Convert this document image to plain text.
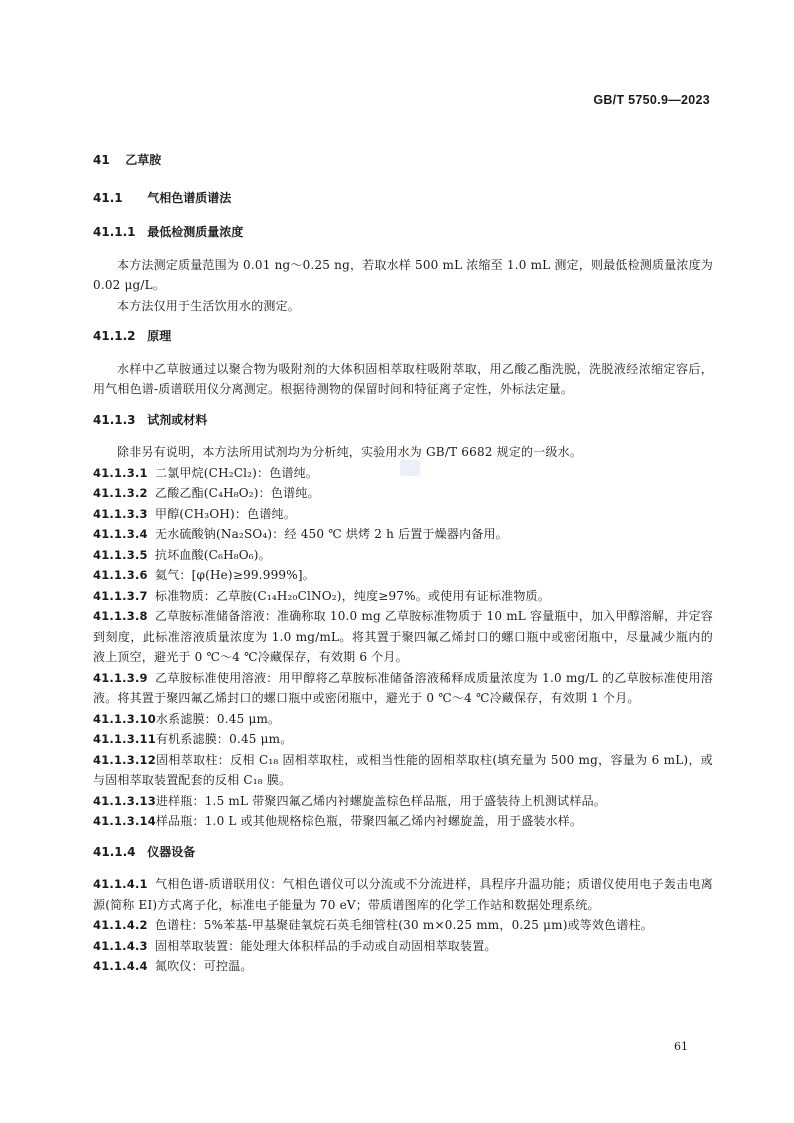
GB/T 5750.9—2023
41 乙草胺
41.1 气相色谱质谱法
41.1.1 最低检测质量浓度

本方法测定质量范围为 0.01 ng～0.25 ng，若取水样 500 mL 浓缩至 1.0 mL 测定，则最低检测质量浓度为 0.02 μg/L。

本方法仅用于生活饮用水的测定。

41.1.2 原理

水样中乙草胺通过以聚合物为吸附剂的大体积固相萃取柱吸附萃取，用乙酸乙酯洗脱，洗脱液经浓缩定容后，用气相色谱-质谱联用仪分离测定。根据待测物的保留时间和特征离子定性，外标法定量。

41.1.3 试剂或材料

除非另有说明，本方法所用试剂均为分析纯，实验用水为 GB/T 6682 规定的一级水。

41.1.3.1 二氯甲烷(CH₂Cl₂)：色谱纯。

41.1.3.2 乙酸乙酯(C₄H₈O₂)：色谱纯。

41.1.3.3 甲醇(CH₃OH)：色谱纯。

41.1.3.4 无水硫酸钠(Na₂SO₄)：经 450 ℃ 烘烤 2 h 后置于燥器内备用。

41.1.3.5 抗坏血酸(C₆H₈O₆)。

41.1.3.6 氦气：[φ(He)≥99.999%]。

41.1.3.7 标准物质：乙草胺(C₁₄H₂₀ClNO₂)，纯度≥97%。或使用有证标准物质。

41.1.3.8 乙草胺标准储备溶液：准确称取 10.0 mg 乙草胺标准物质于 10 mL 容量瓶中，加入甲醇溶解，并定容到刻度，此标准溶液质量浓度为 1.0 mg/mL。将其置于聚四氟乙烯封口的螺口瓶中或密闭瓶中，尽量减少瓶内的液上顶空，避光于 0 ℃～4 ℃冷藏保存，有效期 6 个月。

41.1.3.9 乙草胺标准使用溶液：用甲醇将乙草胺标准储备溶液稀释成质量浓度为 1.0 mg/L 的乙草胺标准使用溶液。将其置于聚四氟乙烯封口的螺口瓶中或密闭瓶中，避光于 0 ℃～4 ℃冷藏保存，有效期 1 个月。

41.1.3.10水系滤膜：0.45 μm。

41.1.3.11有机系滤膜：0.45 μm。

41.1.3.12固相萃取柱：反相 C₁₈ 固相萃取柱，或相当性能的固相萃取柱(填充量为 500 mg，容量为 6 mL)，或与固相萃取装置配套的反相 C₁₈ 膜。

41.1.3.13进样瓶：1.5 mL 带聚四氟乙烯内衬螺旋盖棕色样品瓶，用于盛装待上机测试样品。

41.1.3.14样品瓶：1.0 L 或其他规格棕色瓶，带聚四氟乙烯内衬螺旋盖，用于盛装水样。

41.1.4 仪器设备

41.1.4.1 气相色谱-质谱联用仪：气相色谱仪可以分流或不分流进样，具程序升温功能；质谱仪使用电子轰击电离源(简称 EI)方式离子化，标准电子能量为 70 eV；带质谱图库的化学工作站和数据处理系统。

41.1.4.2 色谱柱：5%苯基-甲基聚硅氧烷石英毛细管柱(30 m×0.25 mm，0.25 μm)或等效色谱柱。

41.1.4.3 固相萃取装置：能处理大体积样品的手动或自动固相萃取装置。

41.1.4.4 氮吹仪：可控温。

61
